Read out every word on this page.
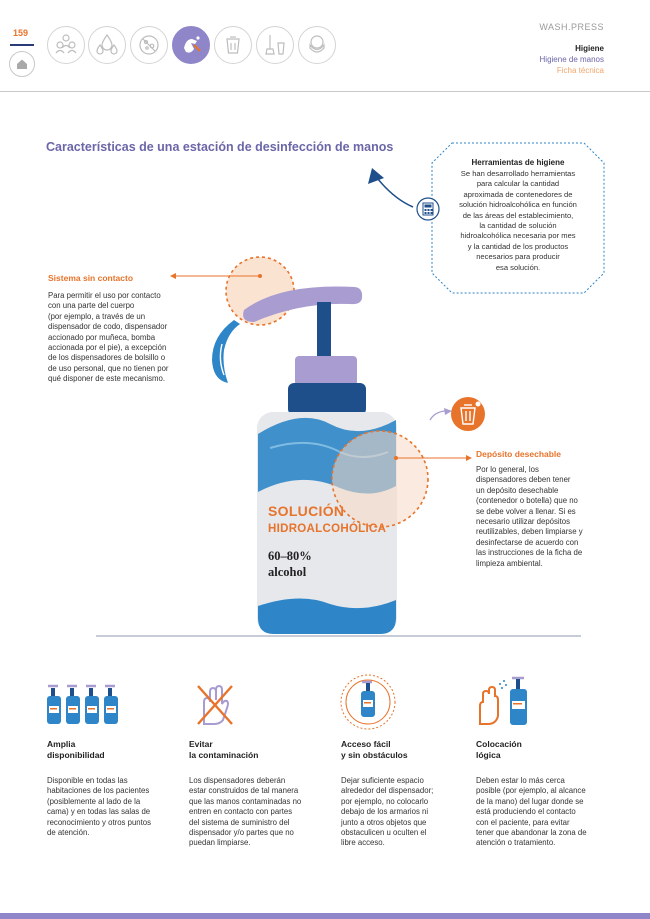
159
WASH.PRESS
Higiene
Higiene de manos
Ficha técnica
Características de una estación de desinfección de manos
Herramientas de higiene
Se han desarrollado herramientas
para calcular la cantidad
aproximada de contenedores de
solución hidroalcohólica en función
de las áreas del establecimiento,
la cantidad de solución
hidroalcohólica necesaria por mes
y la cantidad de los productos
necesarios para producir
esa solución.
Sistema sin contacto
Para permitir el uso por contacto
con una parte del cuerpo
(por ejemplo, a través de un
dispensador de codo, dispensador
accionado por muñeca, bomba
accionada por el pie), a excepción
de los dispensadores de bolsillo o
de uso personal, que no tienen por
qué disponer de este mecanismo.
Depósito desechable
Por lo general, los
dispensadores deben tener
un depósito desechable
(contenedor o botella) que no
se debe volver a llenar. Si es
necesario utilizar depósitos
reutilizables, deben limpiarse y
desinfectarse de acuerdo con
las instrucciones de la ficha de
limpieza ambiental.
SOLUCIÓN
HIDROALCOHÓLICA
60–80%
alcohol
Amplia
disponibilidad
Disponible en todas las
habitaciones de los pacientes
(posiblemente al lado de la
cama) y en todas las salas de
reconocimiento y otros puntos
de atención.
Evitar
la contaminación
Los dispensadores deberán
estar construidos de tal manera
que las manos contaminadas no
entren en contacto con partes
del sistema de suministro del
dispensador y/o partes que no
puedan limpiarse.
Acceso fácil
y sin obstáculos
Dejar suficiente espacio
alrededor del dispensador;
por ejemplo, no colocarlo
debajo de los armarios ni
junto a otros objetos que
obstaculicen u oculten el
libre acceso.
Colocación
lógica
Deben estar lo más cerca
posible (por ejemplo, al alcance
de la mano) del lugar donde se
está produciendo el contacto
con el paciente, para evitar
tener que abandonar la zona de
atención o tratamiento.
